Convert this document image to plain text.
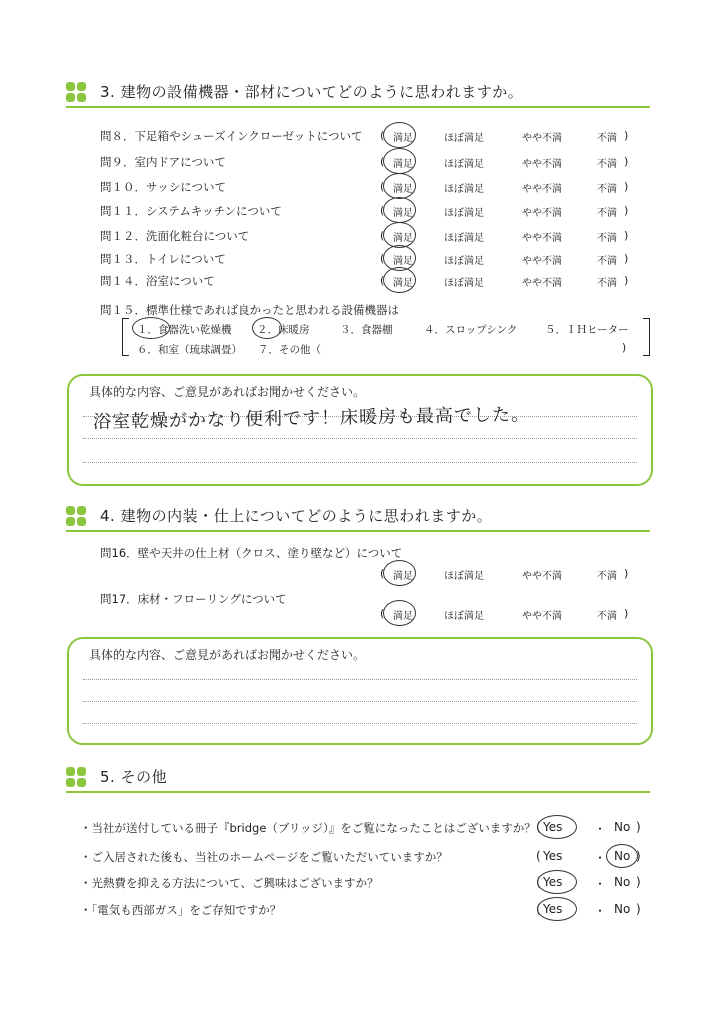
3. 建物の設備機器・部材についてどのように思われますか。
問８．下足箱やシューズインクローゼットについて ( 満足	ほぼ満足	やや不満	不満 )
問９．室内ドアについて	( 満足	ほぼ満足	やや不満	不満 )
問１０．サッシについて	( 満足	ほぼ満足	やや不満	不満 )
問１１．システムキッチンについて	( 満足	ほぼ満足	やや不満	不満 )
問１２．洗面化粧台について	( 満足	ほぼ満足	やや不満	不満 )
問１３．トイレについて	( 満足	ほぼ満足	やや不満	不満 )
問１４．浴室について	( 満足	ほぼ満足	やや不満	不満 )
問１５．標準仕様であれば良かったと思われる設備機器は
１．食器洗い乾燥機 ２．床暖房	３．食器棚	４．スロップシンク	５．ＩＨヒーター
６．和室（琉球調畳） ７．その他（	)
具体的な内容、ご意見があればお聞かせください。
浴室乾燥がかなり便利です！床暖房も最高でした。
4. 建物の内装・仕上についてどのように思われますか。
問16．壁や天井の仕上材（クロス、塗り壁など）について
( 満足	ほぼ満足	やや不満	不満 )
問17．床材・フローリングについて
( 満足	ほぼ満足	やや不満	不満 )
具体的な内容、ご意見があればお聞かせください。
5. その他
・当社が送付している冊子『bridge（ブリッジ）』をご覧になったことはございますか？ ( Yes	・ No )
・ご入居された後も、当社のホームページをご覧いただいていますか？	( Yes	・ No )
・光熱費を抑える方法について、ご興味はございますか？	( Yes	・ No )
・「電気も西部ガス」をご存知ですか？	( Yes	・ No )
